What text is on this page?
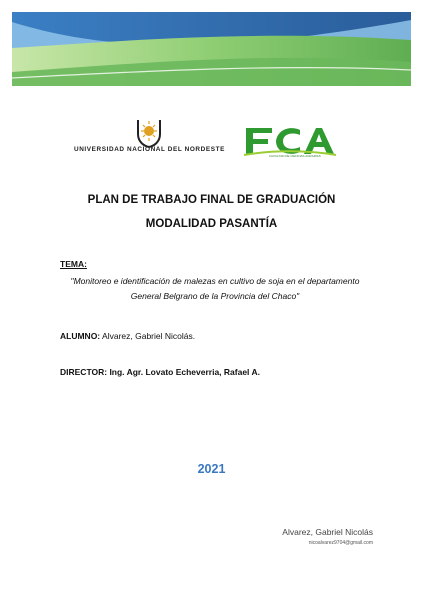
UNIVERSIDAD NACIONAL DEL NORDESTE
FACULTAD DE CIENCIAS AGRARIAS
PLAN DE TRABAJO FINAL DE GRADUACIÓN
MODALIDAD PASANTÍA
TEMA:
"Monitoreo e identificación de malezas en cultivo de soja en el departamento General Belgrano de la Provincia del Chaco"
ALUMNO: Alvarez, Gabriel Nicolás.
DIRECTOR: Ing. Agr. Lovato Echeverria, Rafael A.
2021
Alvarez, Gabriel Nicolás
nicoalvarez9704@gmail.com
